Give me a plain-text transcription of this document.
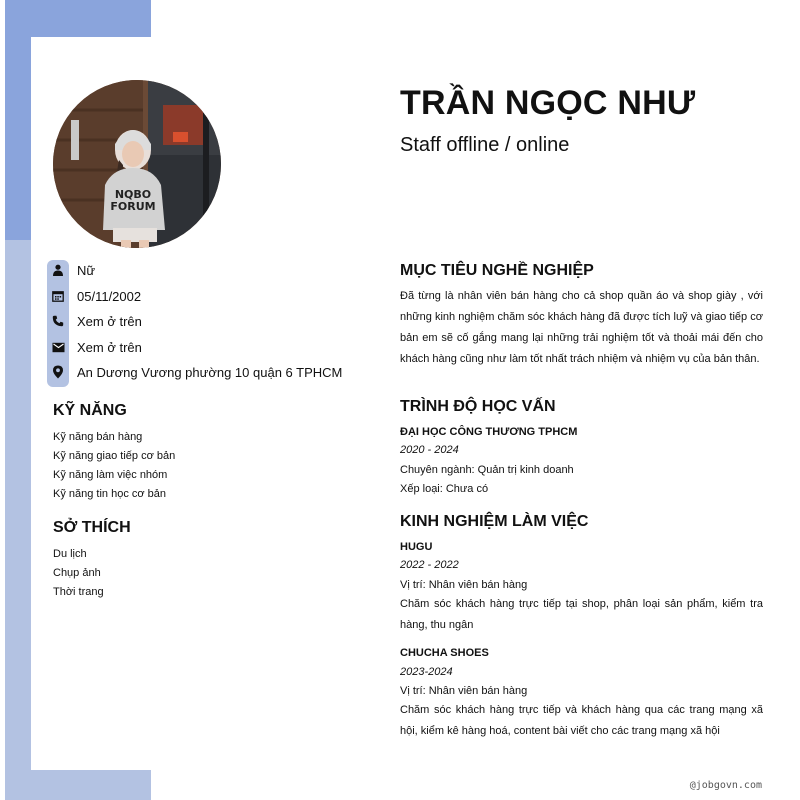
NQBO
FORUM
TRẦN NGỌC NHƯ
Staff offline / online
Nữ
05/11/2002
Xem ở trên
Xem ở trên
An Dương Vương phường 10 quận 6 TPHCM
KỸ NĂNG
Kỹ năng bán hàng
Kỹ năng giao tiếp cơ bản
Kỹ năng làm việc nhóm
Kỹ năng tin học cơ bản
SỞ THÍCH
Du lịch
Chụp ảnh
Thời trang
MỤC TIÊU NGHỀ NGHIỆP

Đã từng là nhân viên bán hàng cho cả shop quần áo và shop giày , với những kinh nghiệm chăm sóc khách hàng đã được tích luỹ và giao tiếp cơ bản em sẽ cố gắng mang lại những trải nghiệm tốt và thoải mái đến cho khách hàng cũng như làm tốt nhất trách nhiệm và nhiệm vụ của bản thân.

TRÌNH ĐỘ HỌC VẤN
ĐẠI HỌC CÔNG THƯƠNG TPHCM
2020 - 2024
Chuyên ngành: Quản trị kinh doanh
Xếp loại: Chưa có
KINH NGHIỆM LÀM VIỆC
HUGU
2022 - 2022
Vị trí: Nhân viên bán hàng

Chăm sóc khách hàng trực tiếp tại shop, phân loại sản phẩm, kiểm tra hàng, thu ngân

CHUCHA SHOES
2023-2024
Vị trí: Nhân viên bán hàng

Chăm sóc khách hàng trực tiếp và khách hàng qua các trang mạng xã hội, kiểm kê hàng hoá, content bài viết cho các trang mạng xã hội

@jobgovn.com
